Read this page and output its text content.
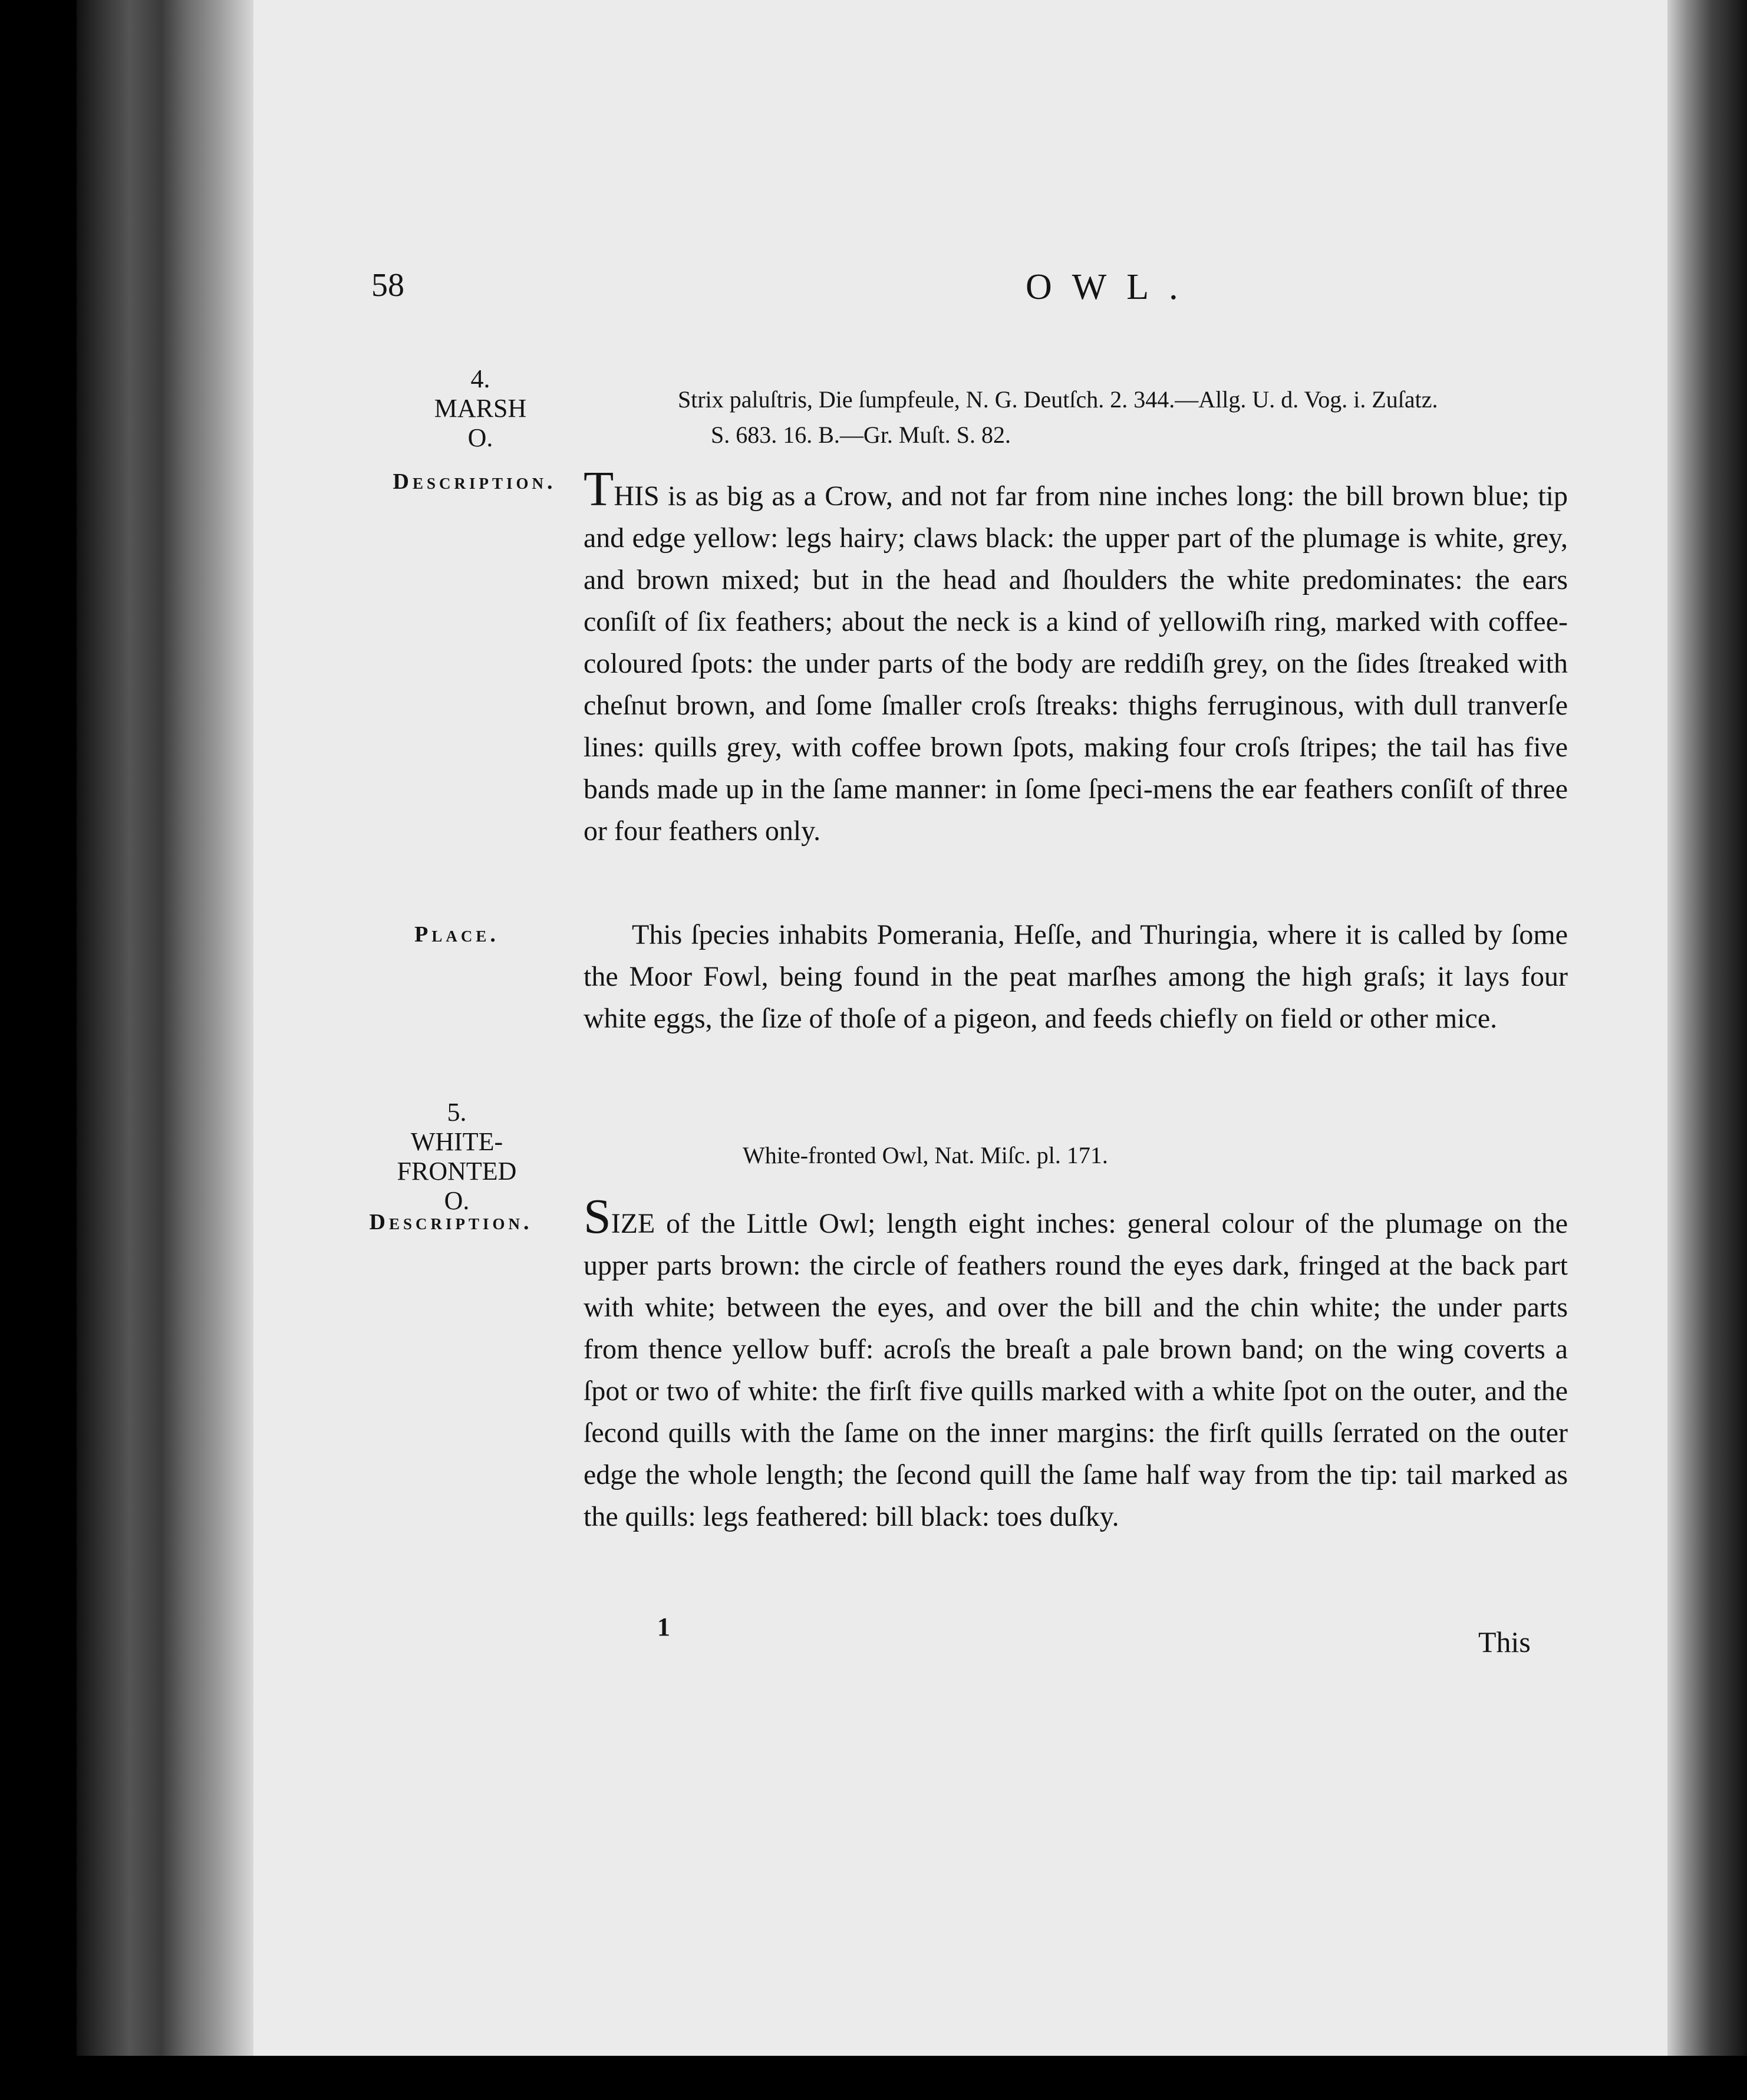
58	OWL.
4.
MARSH
O.
Strix paluſtris, Die ſumpfeule, N. G. Deutſch. 2. 344.—Allg. U. d. Vog. i. Zuſatz.
S. 683. 16. B.—Gr. Muſt. S. 82.
Description. THIS is as big as a Crow, and not far from nine inches long: the bill brown blue; tip and edge yellow: legs hairy; claws black: the upper part of the plumage is white, grey, and brown mixed; but in the head and ſhoulders the white predominates: the ears conſiſt of ſix feathers; about the neck is a kind of yellowiſh ring, marked with coffee-coloured ſpots: the under parts of the body are reddiſh grey, on the ſides ſtreaked with cheſnut brown, and ſome ſmaller croſs ſtreaks: thighs ferruginous, with dull tranverſe lines: quills grey, with coffee brown ſpots, making four croſs ſtripes; the tail has five bands made up in the ſame manner: in ſome ſpeci-mens the ear feathers conſiſt of three or four feathers only.

Place.	This ſpecies inhabits Pomerania, Heſſe, and Thuringia, where it is called by ſome the Moor Fowl, being found in the peat marſhes among the high graſs; it lays four white eggs, the ſize of thoſe of a pigeon, and feeds chiefly on field or other mice.

5.
WHITE-
FRONTED
O.
White-fronted Owl, Nat. Miſc. pl. 171.
Description.	SIZE of the Little Owl; length eight inches: general colour of the plumage on the upper parts brown: the circle of feathers round the eyes dark, fringed at the back part with white; between the eyes, and over the bill and the chin white; the under parts from thence yellow buff: acroſs the breaſt a pale brown band; on the wing coverts a ſpot or two of white: the firſt five quills marked with a white ſpot on the outer, and the ſecond quills with the ſame on the inner margins: the firſt quills ſerrated on the outer edge the whole length; the ſecond quill the ſame half way from the tip: tail marked as the quills: legs feathered: bill black: toes duſky.

1	This
